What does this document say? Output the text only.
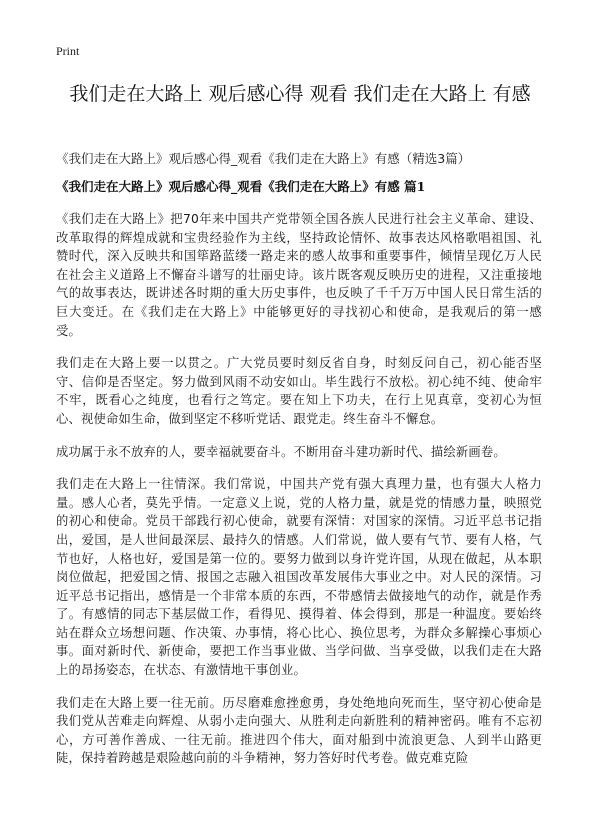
Print
我们走在大路上 观后感心得 观看 我们走在大路上 有感
《我们走在大路上》观后感心得_观看《我们走在大路上》有感（精选3篇）
《我们走在大路上》观后感心得_观看《我们走在大路上》有感 篇1

《我们走在大路上》把70年来中国共产党带领全国各族人民进行社会主义革命、建设、改革取得的辉煌成就和宝贵经验作为主线，坚持政论情怀、故事表达风格歌唱祖国、礼赞时代，深入反映共和国筚路蓝缕一路走来的感人故事和重要事件，倾情呈现亿万人民在社会主义道路上不懈奋斗谱写的壮丽史诗。该片既客观反映历史的进程，又注重接地气的故事表达，既讲述各时期的重大历史事件，也反映了千千万万中国人民日常生活的巨大变迁。在《我们走在大路上》中能够更好的寻找初心和使命，是我观后的第一感受。

我们走在大路上要一以贯之。广大党员要时刻反省自身，时刻反问自己，初心能否坚守、信仰是否坚定。努力做到风雨不动安如山。毕生践行不放松。初心纯不纯、使命牢不牢，既看心之纯度，也看行之笃定。要在知上下功夫，在行上见真章，变初心为恒心、视使命如生命，做到坚定不移听党话、跟党走。终生奋斗不懈怠。

成功属于永不放弃的人，要幸福就要奋斗。不断用奋斗建功新时代、描绘新画卷。

我们走在大路上一往情深。我们常说，中国共产党有强大真理力量，也有强大人格力量。感人心者，莫先乎情。一定意义上说，党的人格力量，就是党的情感力量，映照党的初心和使命。党员干部践行初心使命，就要有深情：对国家的深情。习近平总书记指出，爱国，是人世间最深层、最持久的情感。人们常说，做人要有气节、要有人格，气节也好，人格也好，爱国是第一位的。要努力做到以身许党许国，从现在做起，从本职岗位做起，把爱国之情、报国之志融入祖国改革发展伟大事业之中。对人民的深情。习近平总书记指出，感情是一个非常本质的东西，不带感情去做接地气的动作，就是作秀了。有感情的同志下基层做工作，看得见、摸得着、体会得到，那是一种温度。要始终站在群众立场想问题、作决策、办事情，将心比心、换位思考，为群众多解操心事烦心事。面对新时代、新使命，要把工作当事业做、当学问做、当享受做，以我们走在大路上的昂扬姿态，在状态、有激情地干事创业。

我们走在大路上要一往无前。历尽磨难愈挫愈勇，身处绝地向死而生，坚守初心使命是我们党从苦难走向辉煌、从弱小走向强大、从胜利走向新胜利的精神密码。唯有不忘初心，方可善作善成、一往无前。推进四个伟大，面对船到中流浪更急、人到半山路更陡，保持着跨越是艰险越向前的斗争精神，努力答好时代考卷。做克难克险
